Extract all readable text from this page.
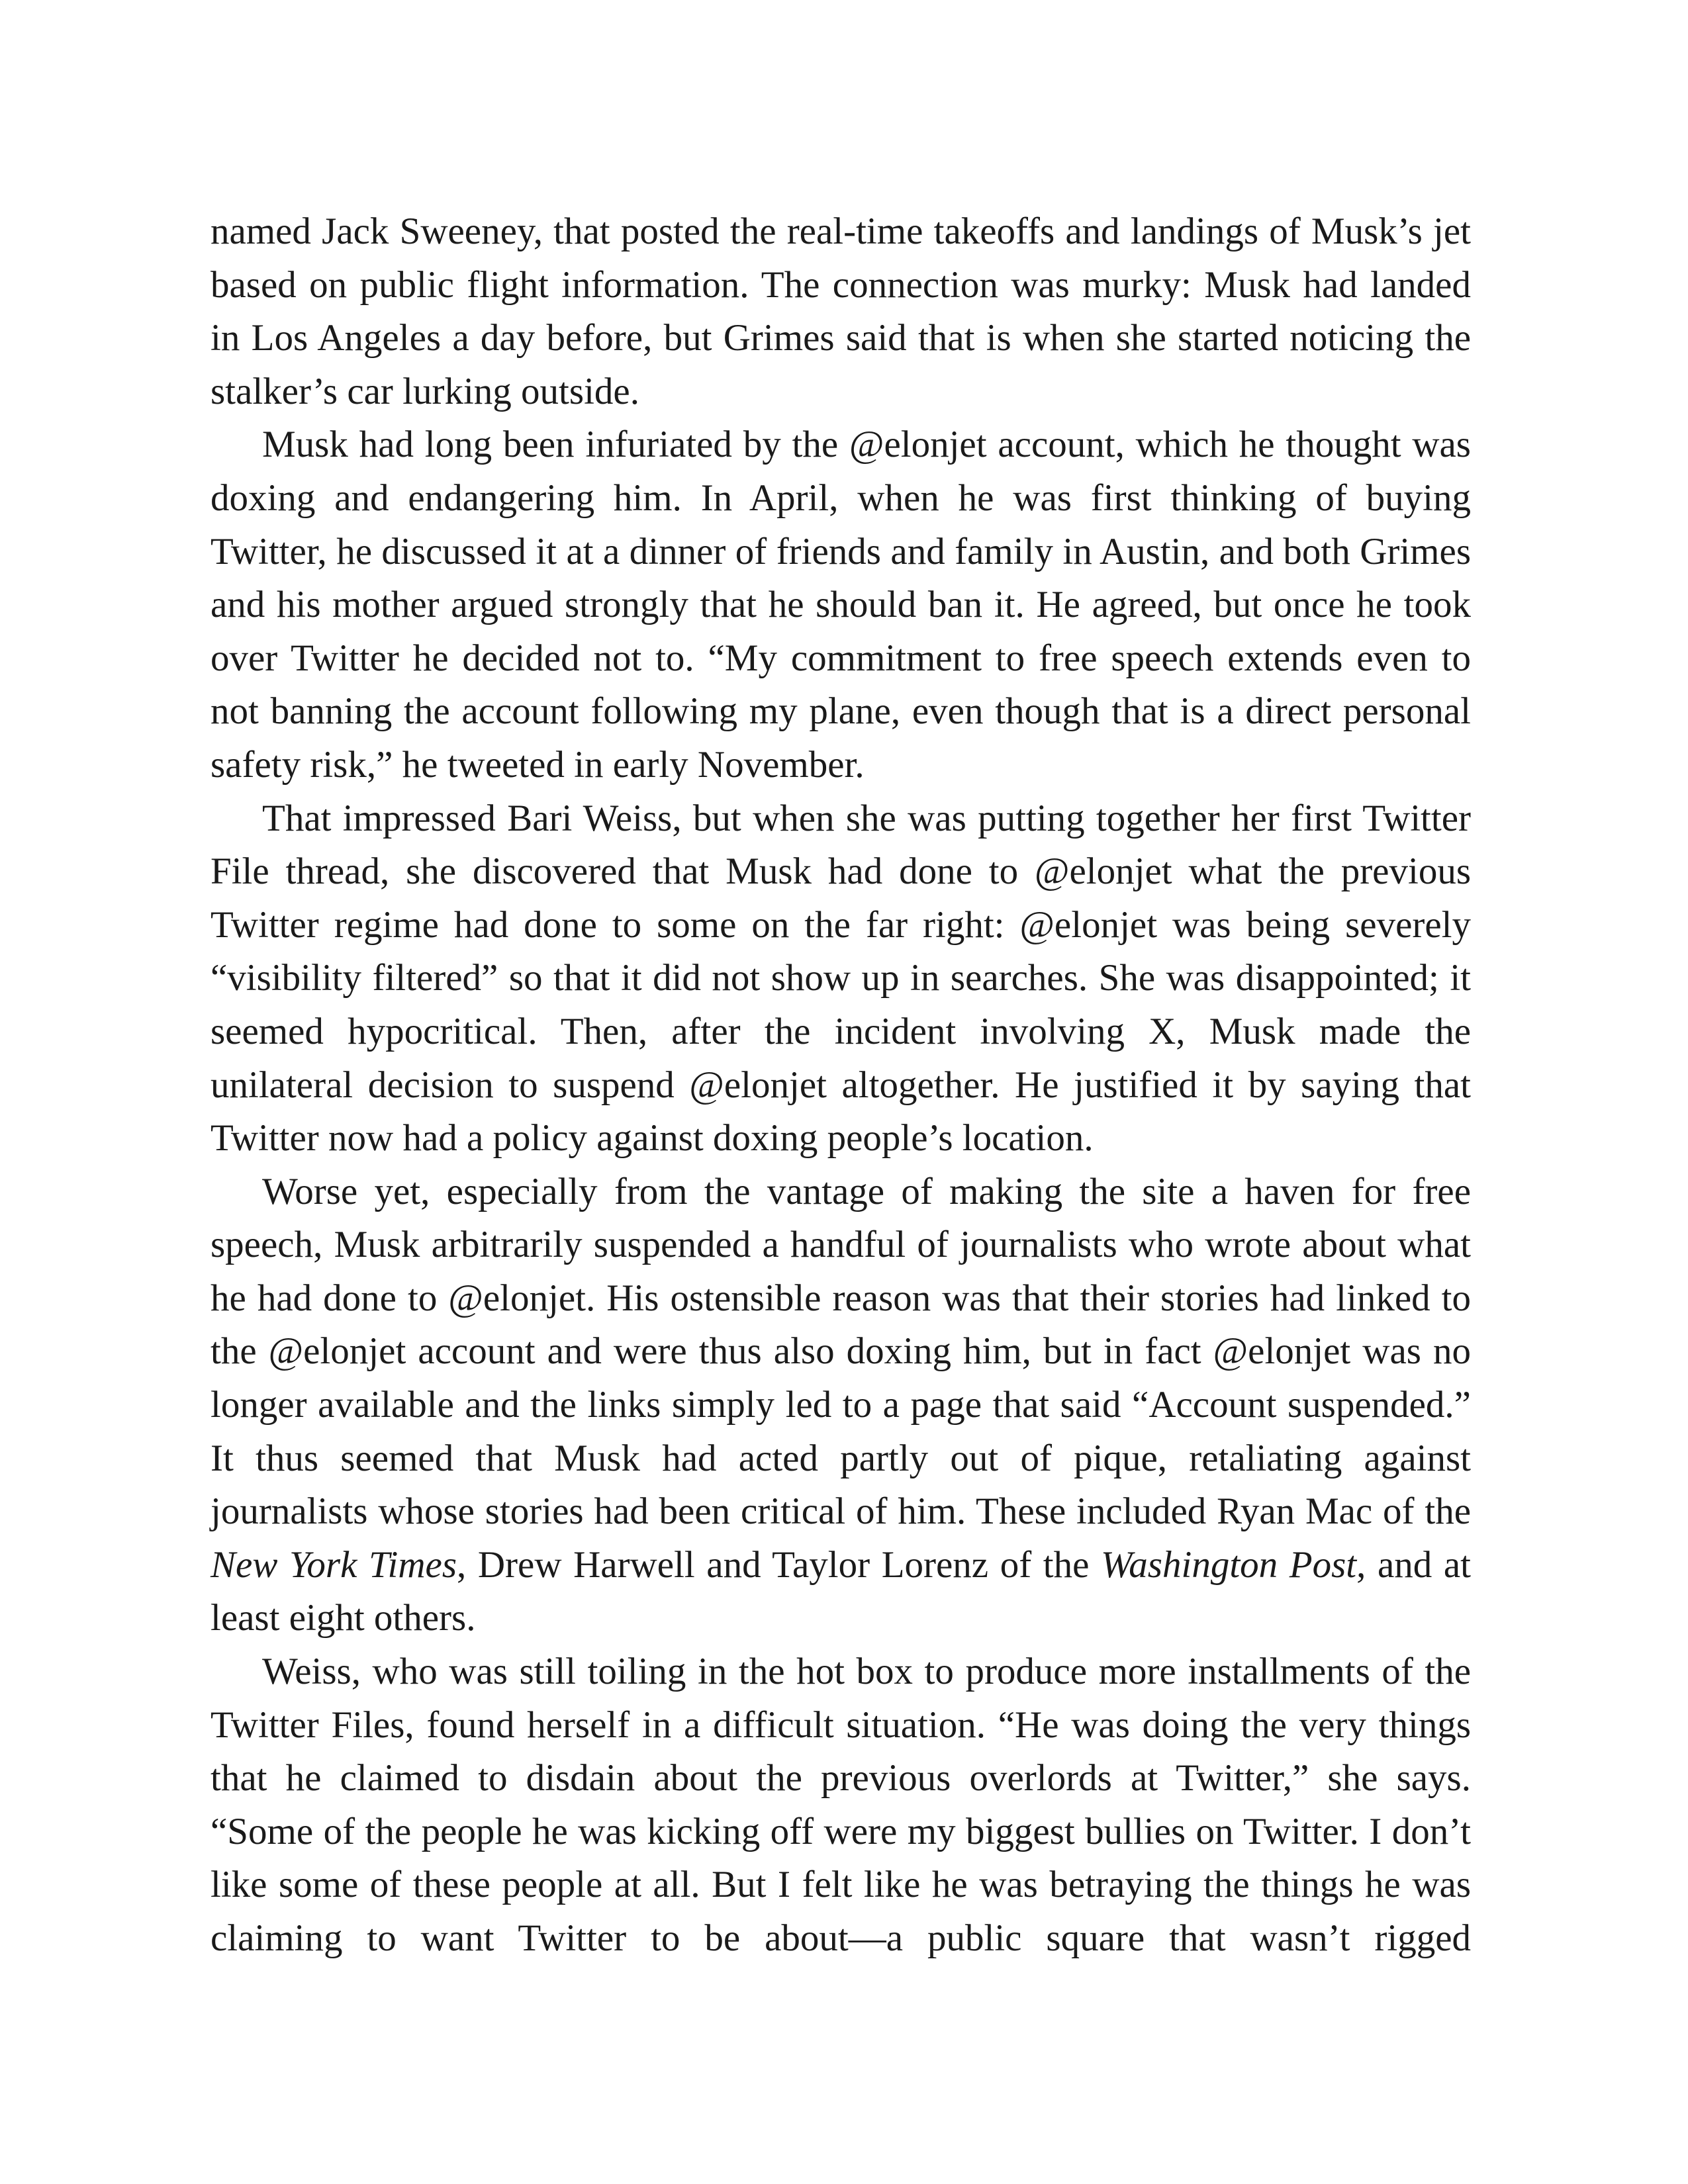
named Jack Sweeney, that posted the real-time takeoffs and landings of Musk’s jet based on public flight information. The connection was murky: Musk had landed in Los Angeles a day before, but Grimes said that is when she started noticing the stalker’s car lurking outside.

Musk had long been infuriated by the @elonjet account, which he thought was doxing and endangering him. In April, when he was first thinking of buying Twitter, he discussed it at a dinner of friends and family in Austin, and both Grimes and his mother argued strongly that he should ban it. He agreed, but once he took over Twitter he decided not to. “My commitment to free speech extends even to not banning the account following my plane, even though that is a direct personal safety risk,” he tweeted in early November.

That impressed Bari Weiss, but when she was putting together her first Twitter File thread, she discovered that Musk had done to @elonjet what the previous Twitter regime had done to some on the far right: @elonjet was being severely “visibility filtered” so that it did not show up in searches. She was disappointed; it seemed hypocritical. Then, after the incident involving X, Musk made the unilateral decision to suspend @elonjet altogether. He justified it by saying that Twitter now had a policy against doxing people’s location.

Worse yet, especially from the vantage of making the site a haven for free speech, Musk arbitrarily suspended a handful of journalists who wrote about what he had done to @elonjet. His ostensible reason was that their stories had linked to the @elonjet account and were thus also doxing him, but in fact @elonjet was no longer available and the links simply led to a page that said “Account suspended.” It thus seemed that Musk had acted partly out of pique, retaliating against journalists whose stories had been critical of him. These included Ryan Mac of the New York Times, Drew Harwell and Taylor Lorenz of the Washington Post, and at least eight others.

Weiss, who was still toiling in the hot box to produce more installments of the Twitter Files, found herself in a difficult situation. “He was doing the very things that he claimed to disdain about the previous overlords at Twitter,” she says. “Some of the people he was kicking off were my biggest bullies on Twitter. I don’t like some of these people at all. But I felt like he was betraying the things he was claiming to want Twitter to be about—a public square that wasn’t rigged
